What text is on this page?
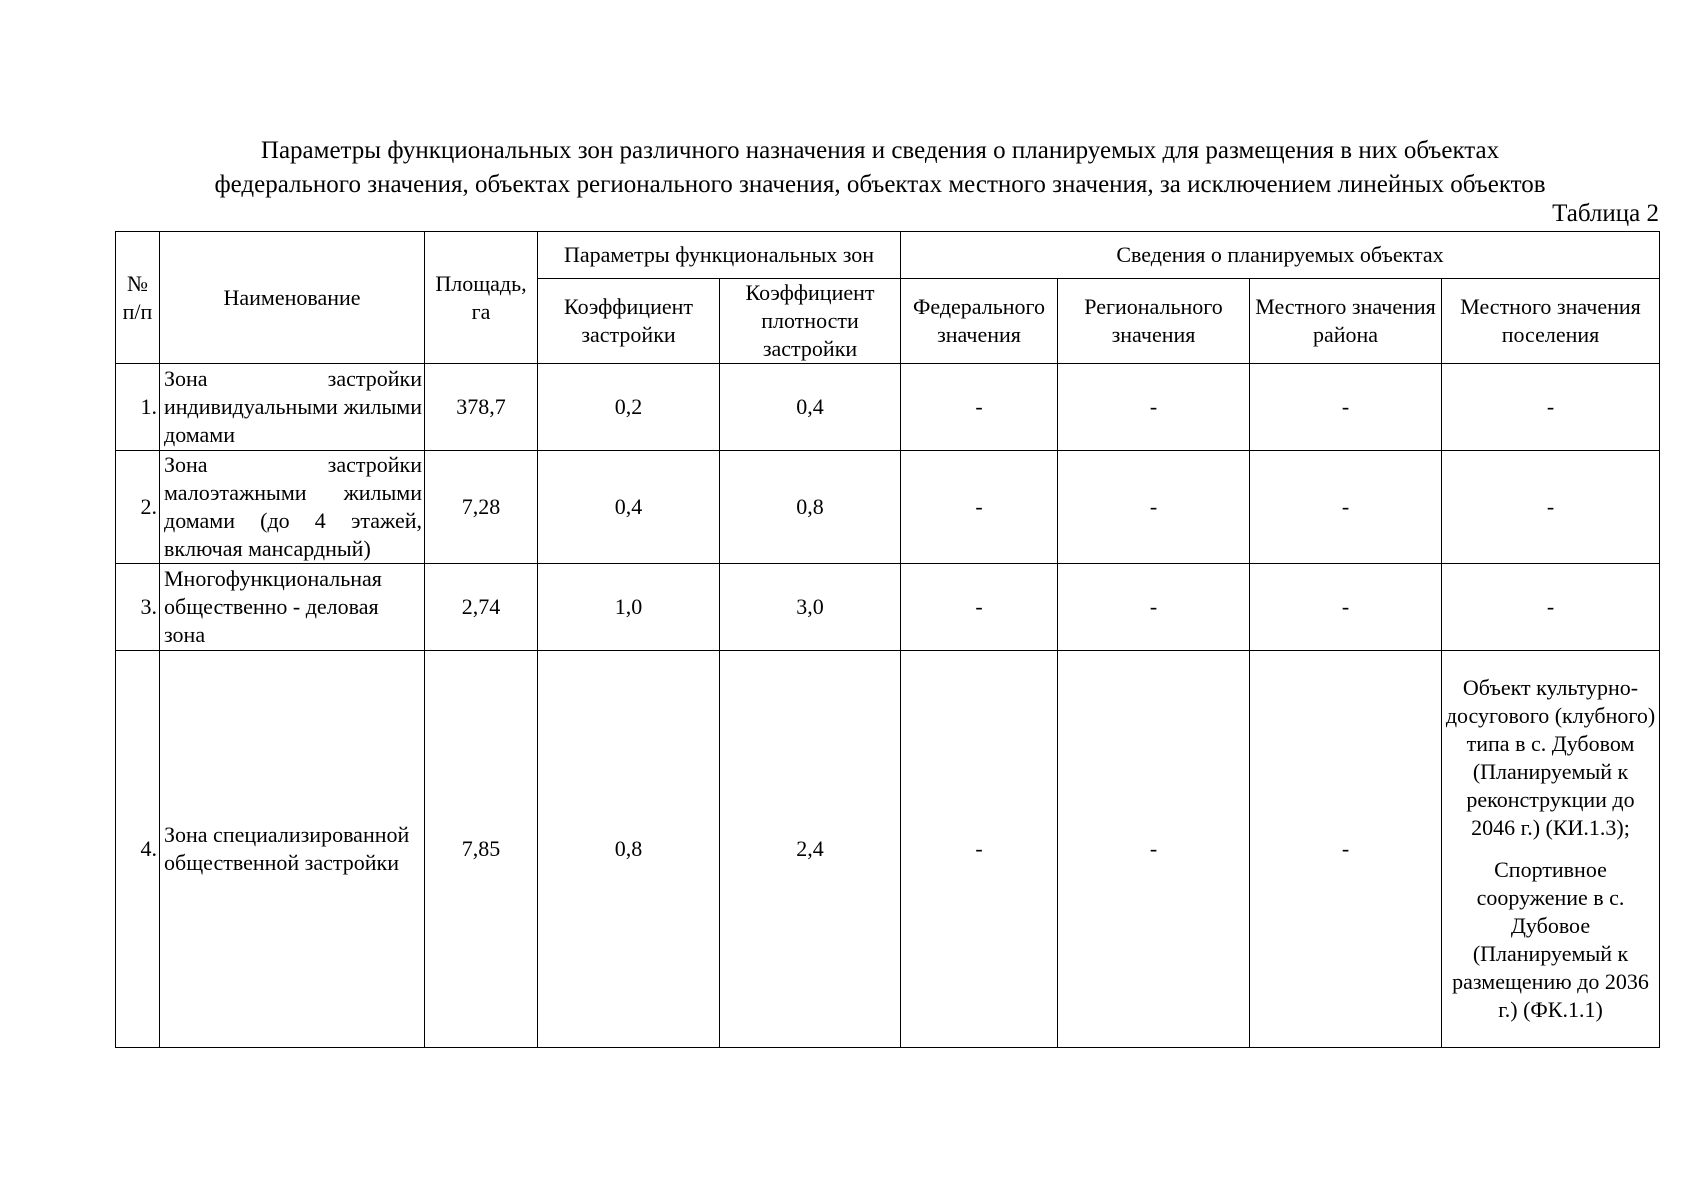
Параметры функциональных зон различного назначения и сведения о планируемых для размещения в них объектах
федерального значения, объектах регионального значения, объектах местного значения, за исключением линейных объектов
Таблица 2
№ п/п	Наименование	Площадь, га	Параметры функциональных зон		Сведения о планируемых объектах			
			Коэффициент застройки	Коэффициент плотности застройки	Федерального значения	Регионального значения	Местного значения района	Местного значения поселения
1.	Зона застройки индивидуальными жилыми домами	378,7	0,2	0,4	-	-	-	-

2.	Зона застройки малоэтажными жилыми домами (до 4 этажей, включая мансардный)	7,28	0,4	0,8	-	-	-	-

3.	Многофункциональная общественно - деловая зона	2,74	1,0	3,0	-	-	-	-

4.	Зона специализированной общественной застройки	7,85	0,8	2,4	-	-	-	Объект культурно-досугового (клубного) типа в с. Дубовом (Планируемый к реконструкции до 2046 г.) (КИ.1.3);
Спортивное сооружение в с. Дубовое (Планируемый к размещению до 2036 г.) (ФК.1.1)
